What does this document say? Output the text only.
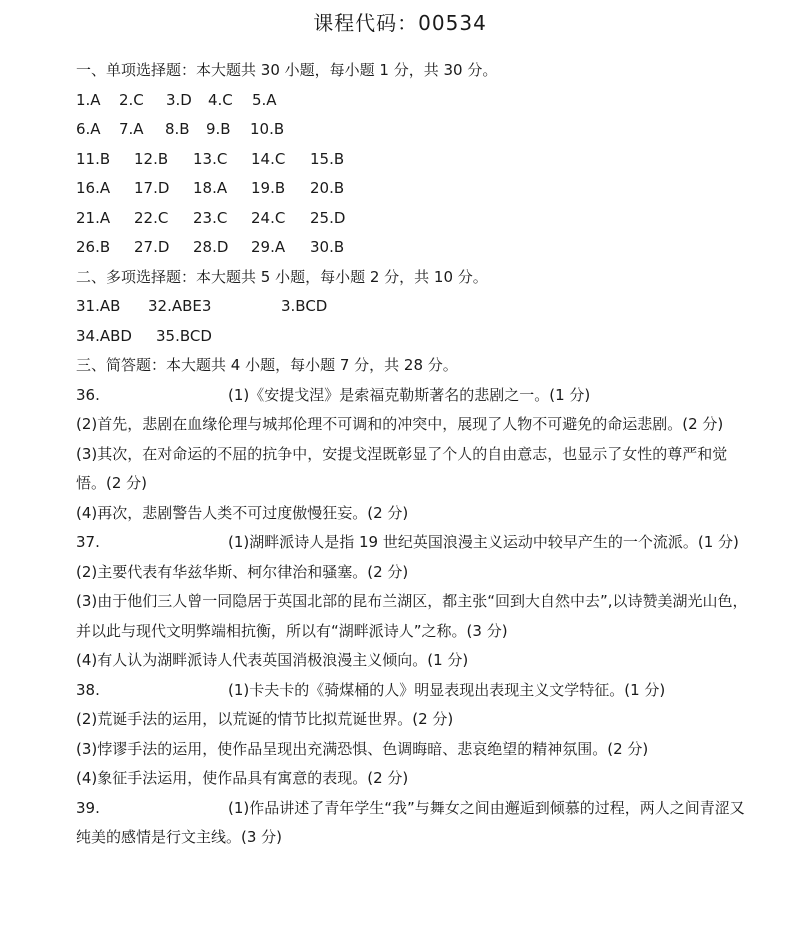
课程代码：00534
一、单项选择题：本大题共 30 小题，每小题 1 分，共 30 分。
1.A 2.C 3.D 4.C 5.A
6.A 7.A 8.B 9.B 10.B
11.B 12.B 13.C 14.C 15.B
16.A 17.D 18.A 19.B 20.B
21.A 22.C 23.C 24.C 25.D
26.B 27.D 28.D 29.A 30.B
二、多项选择题：本大题共 5 小题，每小题 2 分，共 10 分。
31.AB 32.ABE3	3.BCD
34.ABD 35.BCD
三、简答题：本大题共 4 小题，每小题 7 分，共 28 分。
36.	(1)《安提戈涅》是索福克勒斯著名的悲剧之一。(1 分)
(2)首先，悲剧在血缘伦理与城邦伦理不可调和的冲突中，展现了人物不可避免的命运悲剧。(2 分)
(3)其次，在对命运的不屈的抗争中，安提戈涅既彰显了个人的自由意志，也显示了女性的尊严和觉悟。(2 分)
(4)再次，悲剧警告人类不可过度傲慢狂妄。(2 分)
37.	(1)湖畔派诗人是指 19 世纪英国浪漫主义运动中较早产生的一个流派。(1 分)
(2)主要代表有华兹华斯、柯尔律治和骚塞。(2 分)
(3)由于他们三人曾一同隐居于英国北部的昆布兰湖区，都主张“回到大自然中去”,以诗赞美湖光山色，并以此与现代文明弊端相抗衡，所以有“湖畔派诗人”之称。(3 分)
(4)有人认为湖畔派诗人代表英国消极浪漫主义倾向。(1 分)
38.	(1)卡夫卡的《骑煤桶的人》明显表现出表现主义文学特征。(1 分)
(2)荒诞手法的运用，以荒诞的情节比拟荒诞世界。(2 分)
(3)悖谬手法的运用，使作品呈现出充满恐惧、色调晦暗、悲哀绝望的精神氛围。(2 分)
(4)象征手法运用，使作品具有寓意的表现。(2 分)
39.	(1)作品讲述了青年学生“我”与舞女之间由邂逅到倾慕的过程，两人之间青涩又纯美的感情是行文主线。(3 分)
